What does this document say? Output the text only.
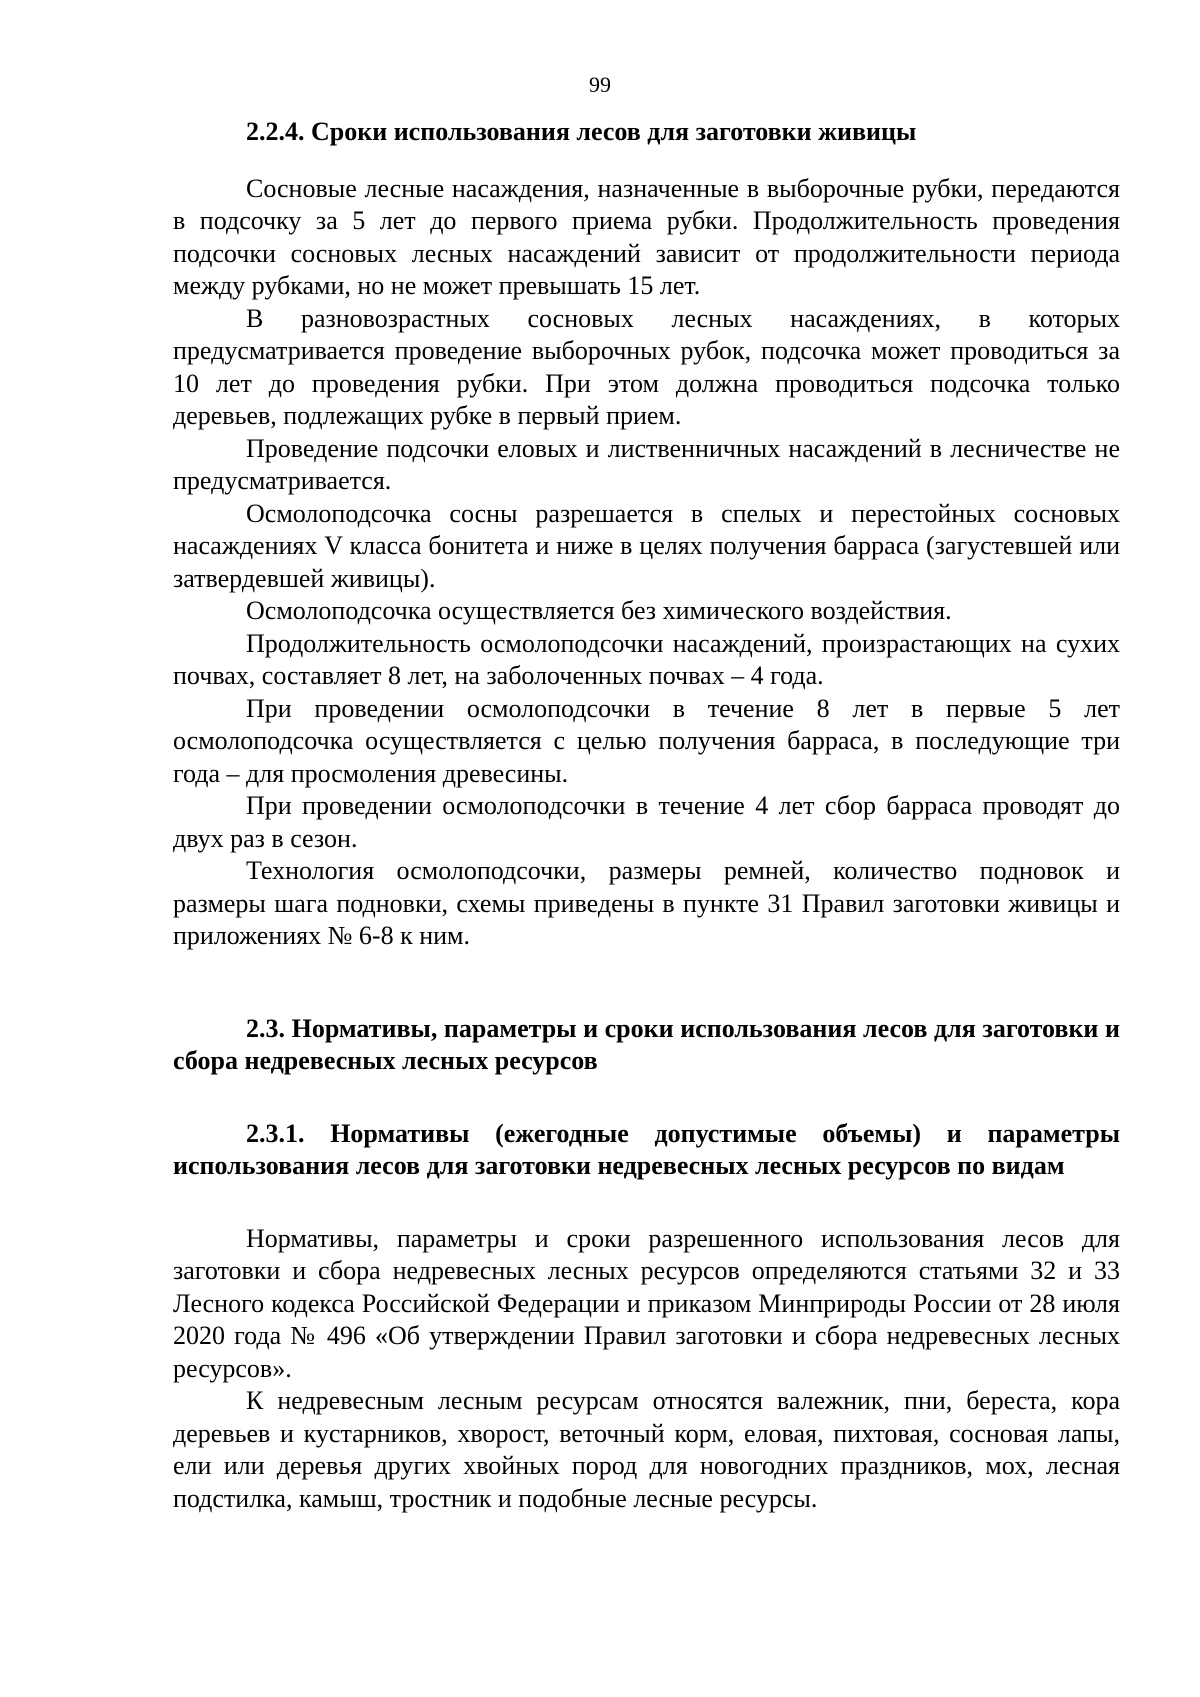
99
2.2.4. Сроки использования лесов для заготовки живицы

Сосновые лесные насаждения, назначенные в выборочные рубки, передаются в подсочку за 5 лет до первого приема рубки. Продолжительность проведения подсочки сосновых лесных насаждений зависит от продолжительности периода между рубками, но не может превышать 15 лет.

В разновозрастных сосновых лесных насаждениях, в которых предусматривается проведение выборочных рубок, подсочка может проводиться за 10 лет до проведения рубки. При этом должна проводиться подсочка только деревьев, подлежащих рубке в первый прием.

Проведение подсочки еловых и лиственничных насаждений в лесничестве не предусматривается.

Осмолоподсочка сосны разрешается в спелых и перестойных сосновых насаждениях V класса бонитета и ниже в целях получения барраса (загустевшей или затвердевшей живицы).

Осмолоподсочка осуществляется без химического воздействия.

Продолжительность осмолоподсочки насаждений, произрастающих на сухих почвах, составляет 8 лет, на заболоченных почвах – 4 года.

При проведении осмолоподсочки в течение 8 лет в первые 5 лет осмолоподсочка осуществляется с целью получения барраса, в последующие три года – для просмоления древесины.

При проведении осмолоподсочки в течение 4 лет сбор барраса проводят до двух раз в сезон.

Технология осмолоподсочки, размеры ремней, количество подновок и размеры шага подновки, схемы приведены в пункте 31 Правил заготовки живицы и приложениях № 6-8 к ним.

2.3. Нормативы, параметры и сроки использования лесов для заготовки и сбора недревесных лесных ресурсов
2.3.1. Нормативы (ежегодные допустимые объемы) и параметры использования лесов для заготовки недревесных лесных ресурсов по видам

Нормативы, параметры и сроки разрешенного использования лесов для заготовки и сбора недревесных лесных ресурсов определяются статьями 32 и 33 Лесного кодекса Российской Федерации и приказом Минприроды России от 28 июля 2020 года № 496 «Об утверждении Правил заготовки и сбора недревесных лесных ресурсов».

К недревесным лесным ресурсам относятся валежник, пни, береста, кора деревьев и кустарников, хворост, веточный корм, еловая, пихтовая, сосновая лапы, ели или деревья других хвойных пород для новогодних праздников, мох, лесная подстилка, камыш, тростник и подобные лесные ресурсы.
